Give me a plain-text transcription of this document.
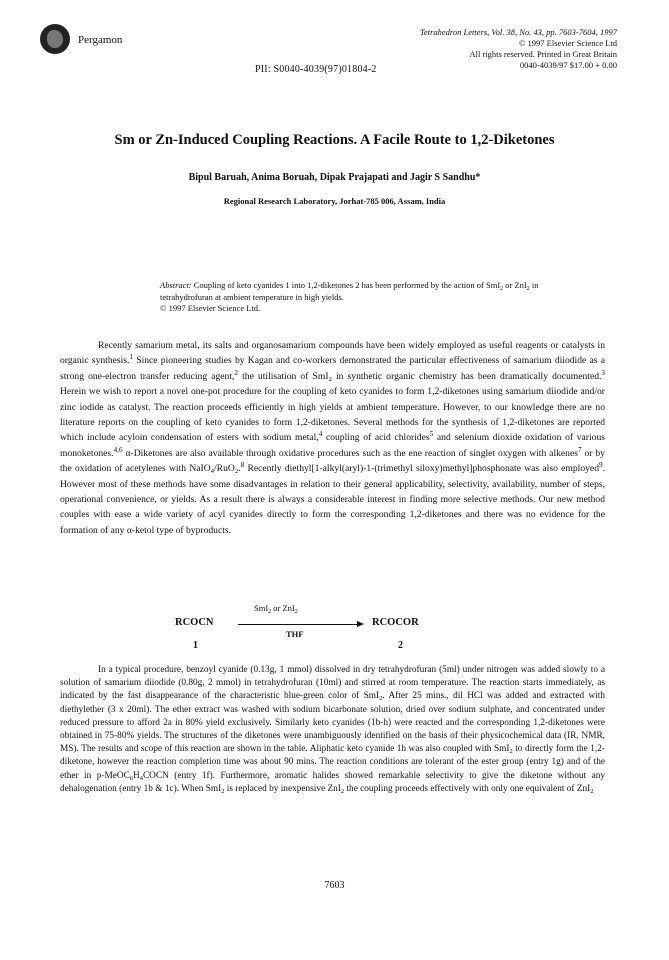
Pergamon
Tetrahedron Letters, Vol. 38, No. 43, pp. 7603-7604, 1997
© 1997 Elsevier Science Ltd
All rights reserved. Printed in Great Britain
0040-4039/97 $17.00 + 0.00
PII: S0040-4039(97)01804-2
Sm or Zn-Induced Coupling Reactions. A Facile Route to 1,2-Diketones
Bipul Baruah, Anima Boruah, Dipak Prajapati and Jagir S Sandhu*
Regional Research Laboratory, Jorhat-785 006, Assam, India
Abstract: Coupling of keto cyanides 1 into 1,2-diketones 2 has been performed by the action of SmI$_2$ or ZnI$_2$ in tetrahydrofuran at ambient temperature in high yields.
© 1997 Elsevier Science Ltd.

Recently samarium metal, its salts and organosamarium compounds have been widely employed as useful reagents or catalysts in organic synthesis.$^1$ Since pioneering studies by Kagan and co-workers demonstrated the particular effectiveness of samarium diiodide as a strong one-electron transfer reducing agent,$^2$ the utilisation of SmI$_2$ in synthetic organic chemistry has been dramatically documented.$^3$ Herein we wish to report a novel one-pot procedure for the coupling of keto cyanides to form 1,2-diketones using samarium diiodide and/or zinc iodide as catalyst. The reaction proceeds efficiently in high yields at ambient temperature. However, to our knowledge there are no literature reports on the coupling of keto cyanides to form 1,2-diketones. Several methods for the synthesis of 1,2-diketones are reported which include acyloin condensation of esters with sodium metal,$^4$ coupling of acid chlorides$^5$ and selenium dioxide oxidation of various monoketones.$^{4,6}$ α-Diketones are also available through oxidative procedures such as the ene reaction of singlet oxygen with alkenes$^7$ or by the oxidation of acetylenes with NaIO$_4$/RuO$_2$.$^8$ Recently diethyl[1-alkyl(aryl)-1-(trimethyl siloxy)methyl]phosphonate was also employed$^9$. However most of these methods have some disadvantages in relation to their general applicability, selectivity, availability, number of steps, operational convenience, or yields. As a result there is always a considerable interest in finding more selective methods. Our new method couples with ease a wide variety of acyl cyanides directly to form the corresponding 1,2-diketones and there was no evidence for the formation of any α-ketol type of byproducts.

SmI$_2$ or ZnI$_2$
RCOCN	RCOCOR
THF
1	2

In a typical procedure, benzoyl cyanide (0.13g, 1 mmol) dissolved in dry tetrahydrofuran (5ml) under nitrogen was added slowly to a solution of samarium diiodide (0.80g, 2 mmol) in tetrahydrofuran (10ml) and stirred at room temperature. The reaction starts immediately, as indicated by the fast disappearance of the characteristic blue-green color of SmI$_2$. After 25 mins., dil HCl was added and extracted with diethylether (3 x 20ml). The ether extract was washed with sodium bicarbonate solution, dried over sodium sulphate, and concentrated under reduced pressure to afford 2a in 80% yield exclusively. Similarly keto cyanides (1b-h) were reacted and the corresponding 1,2-diketones were obtained in 75-80% yields. The structures of the diketones were unambiguously identified on the basis of their physicochemical data (IR, NMR, MS). The results and scope of this reaction are shown in the table. Aliphatic keto cyanide 1h was also coupled with SmI$_2$ to directly form the 1,2-diketone, however the reaction completion time was about 90 mins. The reaction conditions are tolerant of the ester group (entry 1g) and of the ether in $p-MeOC_6H_4COCN$ (entry 1f). Furthermore, aromatic halides showed remarkable selectivity to give the diketone without any dehalogenation (entry 1b & 1c). When SmI$_2$ is replaced by inexpensive ZnI$_2$ the coupling proceeds effectively with only one equivalent of ZnI$_2$

7603
